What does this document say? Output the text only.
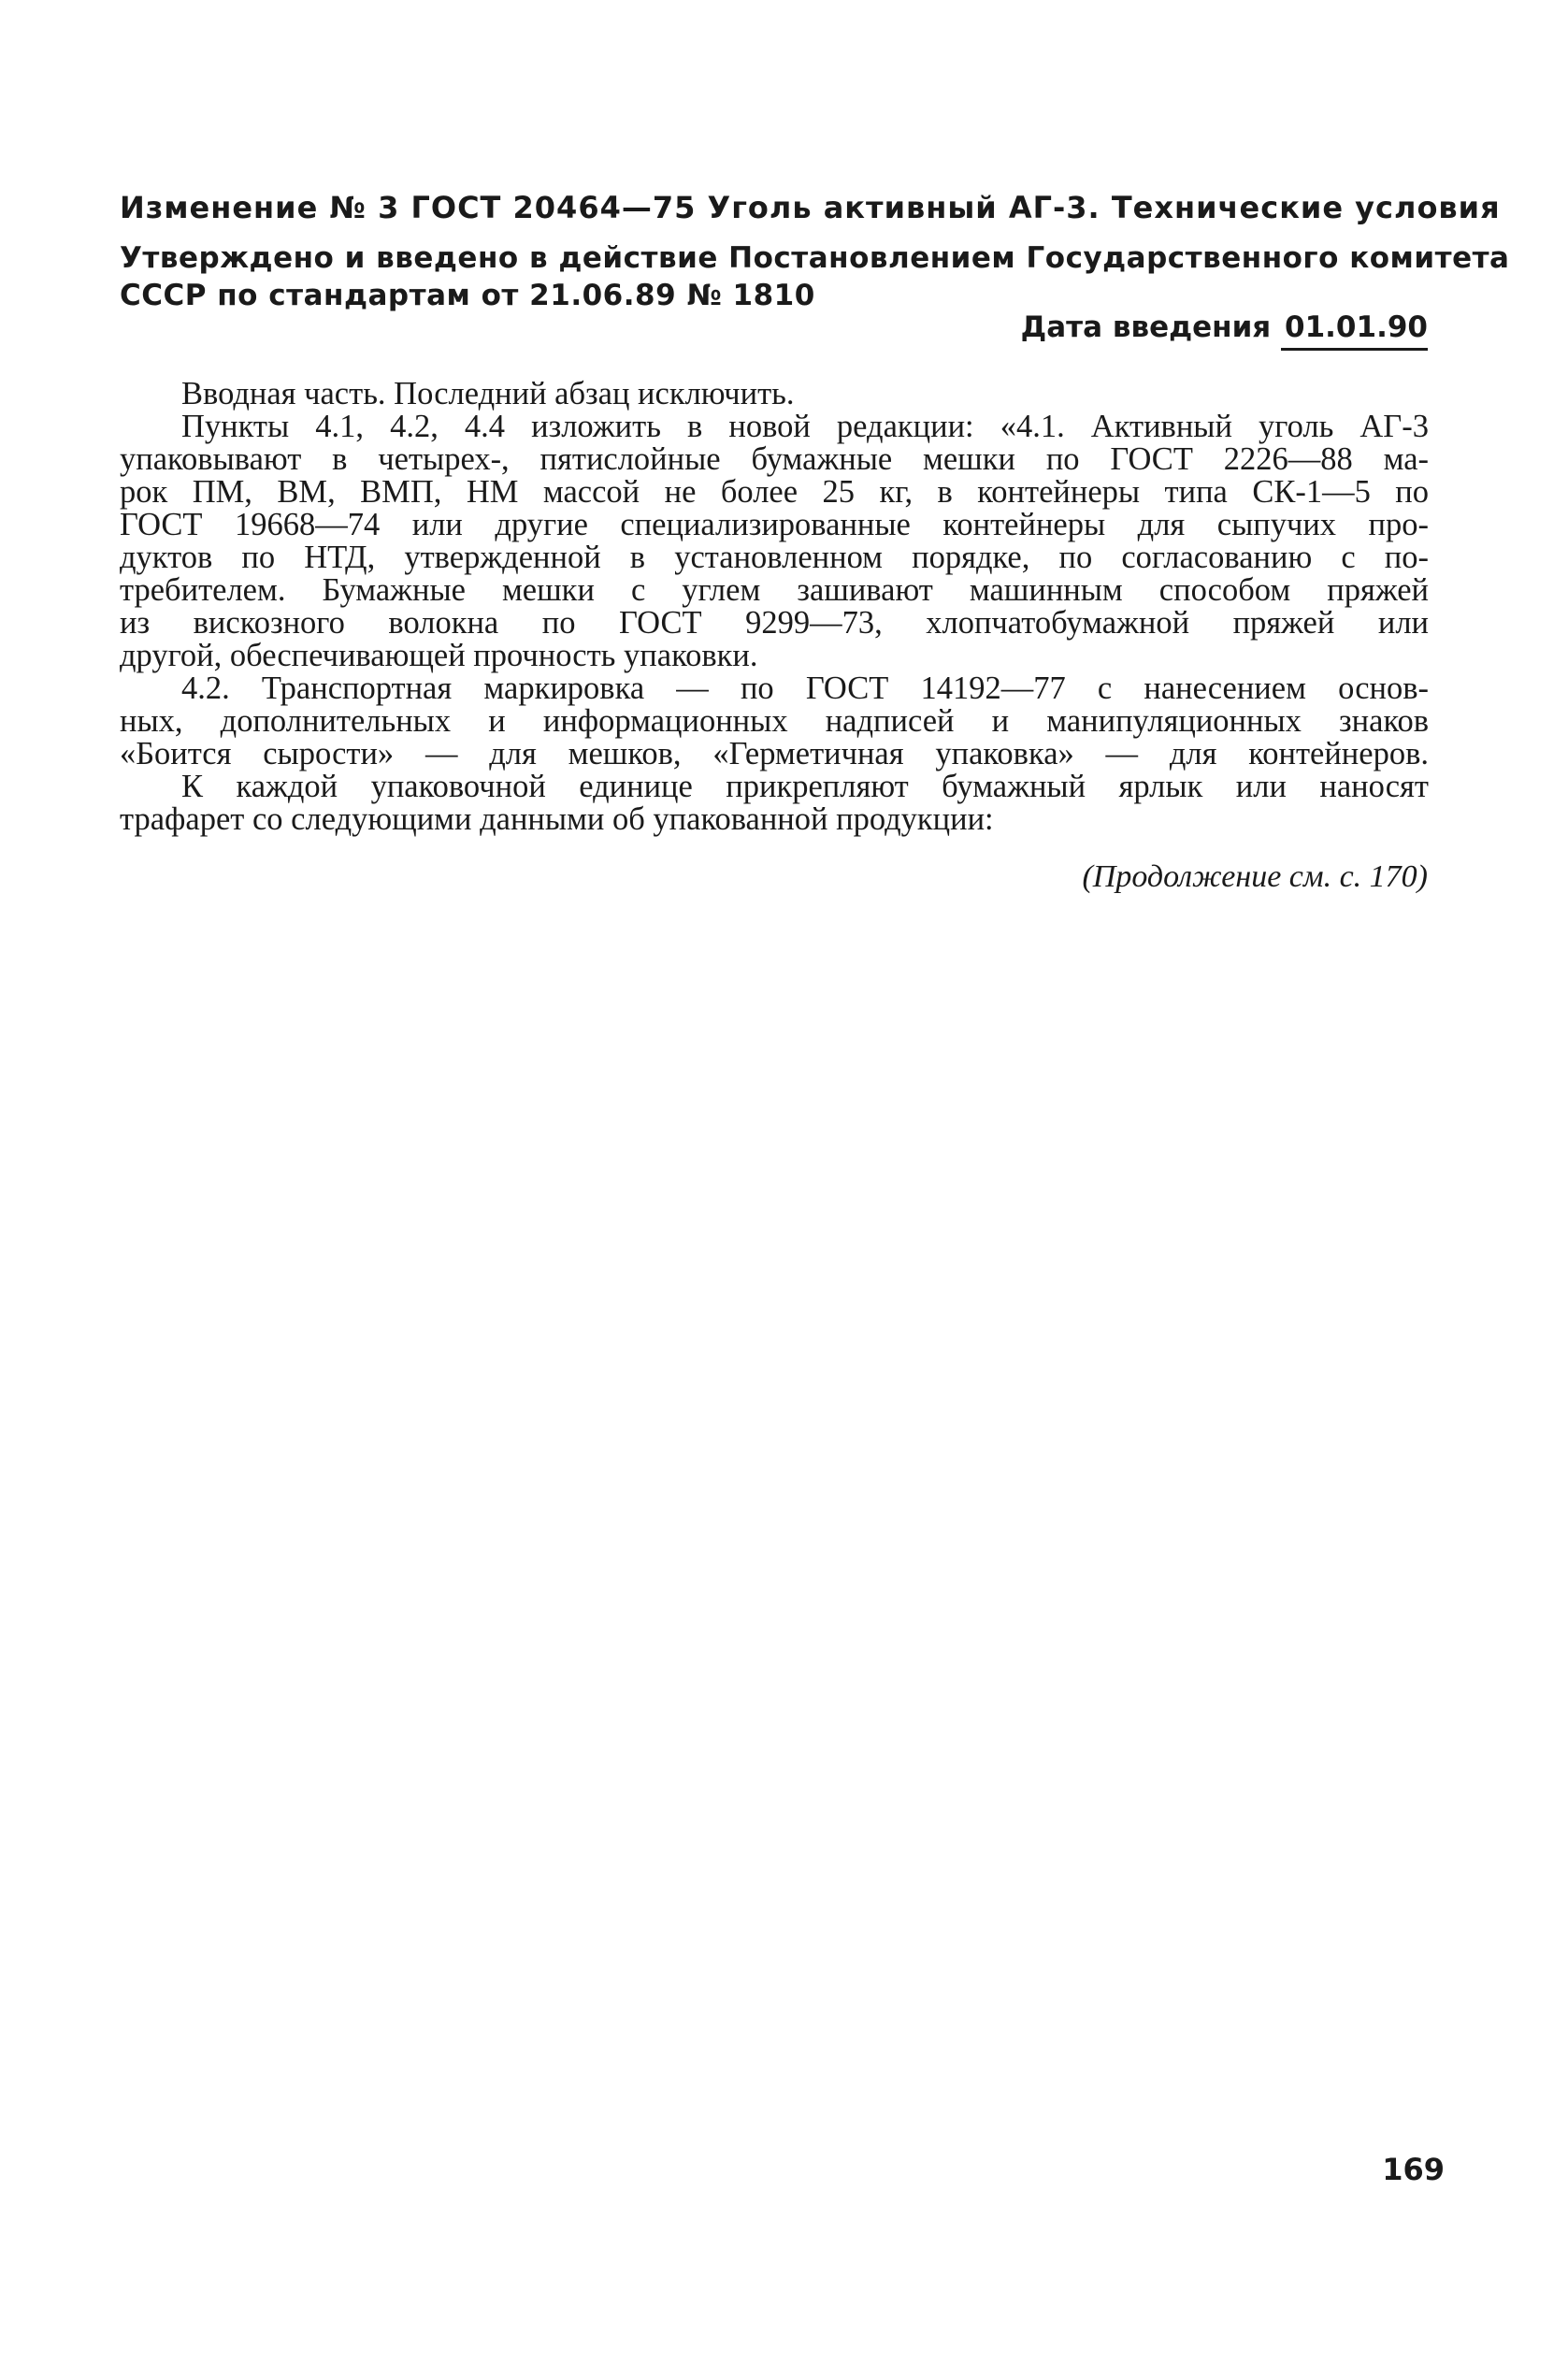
Изменение № 3 ГОСТ 20464—75 Уголь активный АГ-3. Технические условия
Утверждено и введено в действие Постановлением Государственного комитета
СССР по стандартам от 21.06.89 № 1810
Дата введения 01.01.90

Вводная часть. Последний абзац исключить.

Пункты 4.1, 4.2, 4.4 изложить в новой редакции: «4.1. Активный уголь АГ-3
упаковывают в четырех-, пятислойные бумажные мешки по ГОСТ 2226—88 ма-
рок ПМ, ВМ, ВМП, НМ массой не более 25 кг, в контейнеры типа СК-1—5 по
ГОСТ 19668—74 или другие специализированные контейнеры для сыпучих про-
дуктов по НТД, утвержденной в установленном порядке, по согласованию с по-
требителем. Бумажные мешки с углем зашивают машинным способом пряжей
из вискозного волокна по ГОСТ 9299—73, хлопчатобумажной пряжей или
другой, обеспечивающей прочность упаковки.

4.2. Транспортная маркировка — по ГОСТ 14192—77 с нанесением основ-
ных, дополнительных и информационных надписей и манипуляционных знаков
«Боится сырости» — для мешков, «Герметичная упаковка» — для контейнеров.

К каждой упаковочной единице прикрепляют бумажный ярлык или наносят
трафарет со следующими данными об упакованной продукции:

(Продолжение см. с. 170)
169
